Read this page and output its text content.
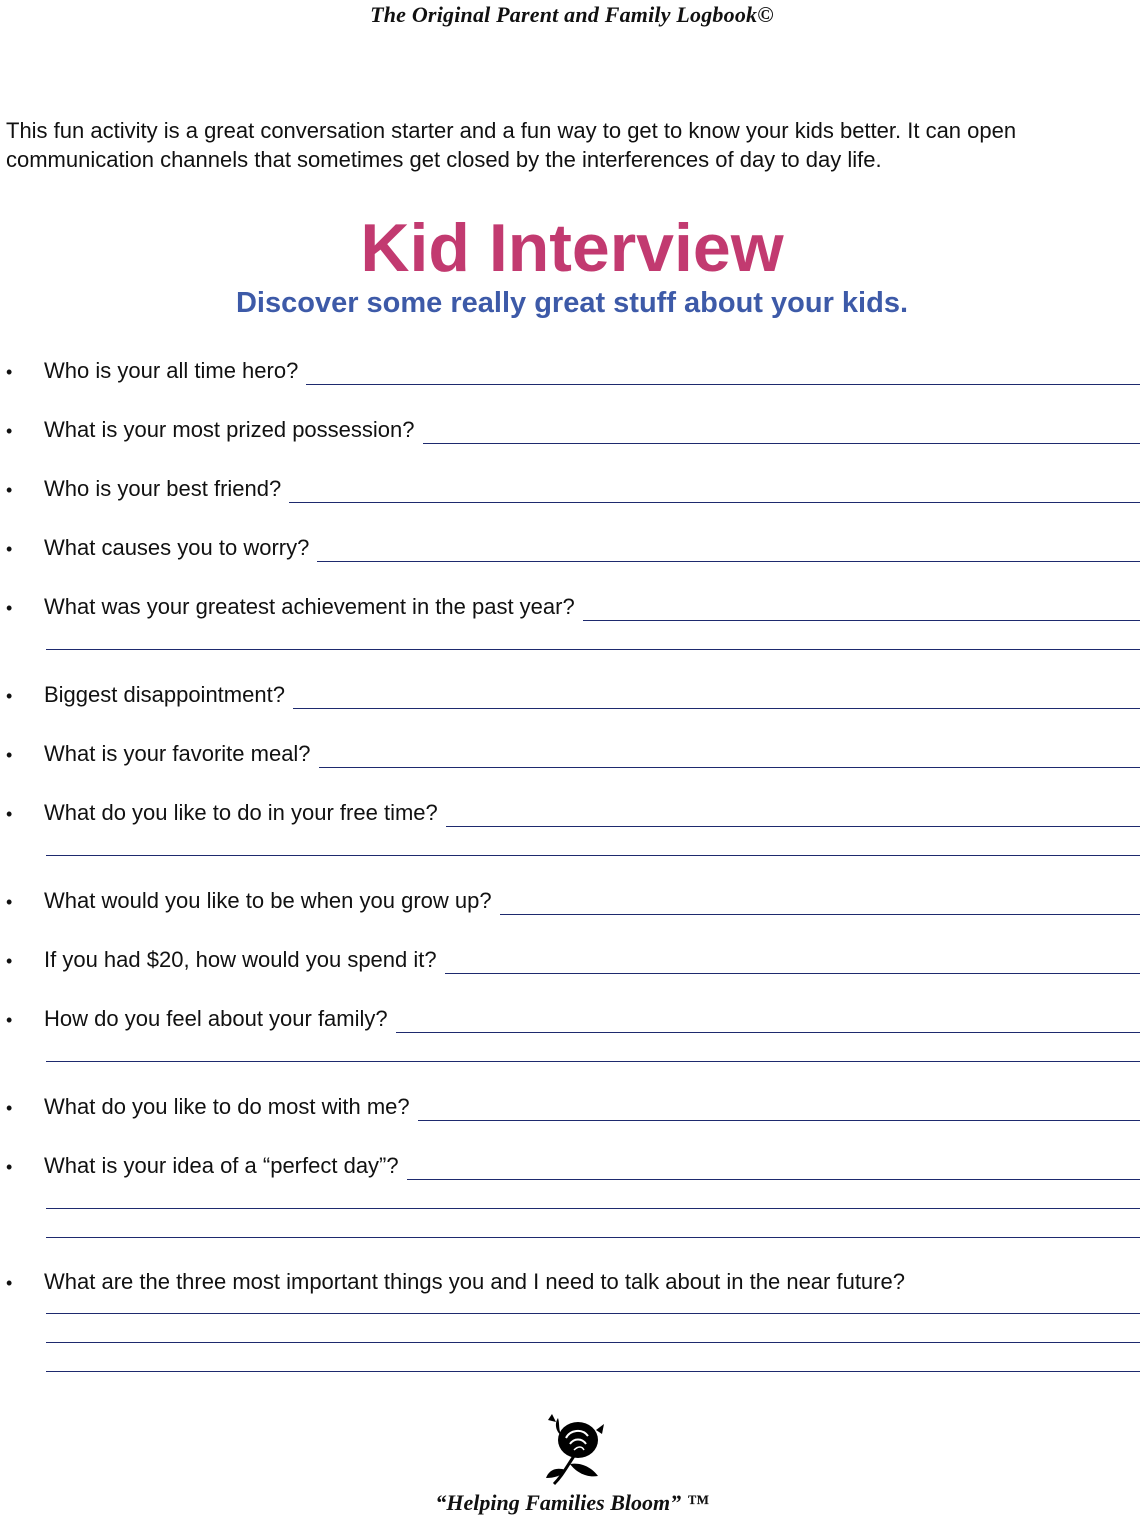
The Original Parent and Family Logbook©

This fun activity is a great conversation starter and a fun way to get to know your kids better. It can open communication channels that sometimes get closed by the interferences of day to day life.

Kid Interview
Discover some really great stuff about your kids.
• Who is your all time hero?
• What is your most prized possession?
• Who is your best friend?
• What causes you to worry?
• What was your greatest achievement in the past year?
• Biggest disappointment?
• What is your favorite meal?
• What do you like to do in your free time?
• What would you like to be when you grow up?
• If you had $20, how would you spend it?
• How do you feel about your family?
• What do you like to do most with me?
• What is your idea of a “perfect day”?
• What are the three most important things you and I need to talk about in the near future?
“Helping Families Bloom” ™
